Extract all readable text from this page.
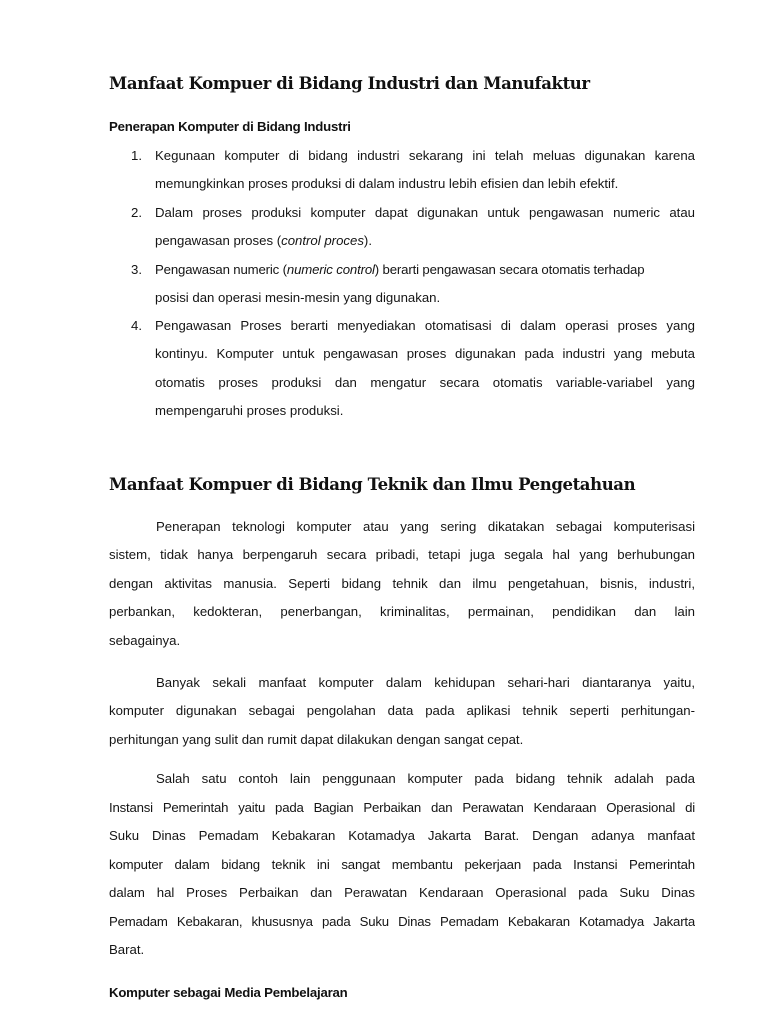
Manfaat Kompuer di Bidang Industri dan Manufaktur
Penerapan Komputer di Bidang Industri
1. Kegunaan komputer di bidang industri sekarang ini telah meluas digunakan karena
memungkinkan proses produksi di dalam industru lebih efisien dan lebih efektif.
2. Dalam proses produksi komputer dapat digunakan untuk pengawasan numeric atau
pengawasan proses (control proces).
3. Pengawasan numeric (numeric control) berarti pengawasan secara otomatis terhadap
posisi dan operasi mesin-mesin yang digunakan.
4. Pengawasan Proses berarti menyediakan otomatisasi di dalam operasi proses yang
kontinyu. Komputer untuk pengawasan proses digunakan pada industri yang mebuta
otomatis proses produksi dan mengatur secara otomatis variable-variabel yang
mempengaruhi proses produksi.
Manfaat Kompuer di Bidang Teknik dan Ilmu Pengetahuan
Penerapan teknologi komputer atau yang sering dikatakan sebagai komputerisasi
sistem, tidak hanya berpengaruh secara pribadi, tetapi juga segala hal yang berhubungan
dengan aktivitas manusia. Seperti bidang tehnik dan ilmu pengetahuan, bisnis, industri,
perbankan, kedokteran, penerbangan, kriminalitas, permainan, pendidikan dan lain
sebagainya.
Banyak sekali manfaat komputer dalam kehidupan sehari-hari diantaranya yaitu,
komputer digunakan sebagai pengolahan data pada aplikasi tehnik seperti perhitungan-
perhitungan yang sulit dan rumit dapat dilakukan dengan sangat cepat.
Salah satu contoh lain penggunaan komputer pada bidang tehnik adalah pada
Instansi Pemerintah yaitu pada Bagian Perbaikan dan Perawatan Kendaraan Operasional di
Suku Dinas Pemadam Kebakaran Kotamadya Jakarta Barat. Dengan adanya manfaat
komputer dalam bidang teknik ini sangat membantu pekerjaan pada Instansi Pemerintah
dalam hal Proses Perbaikan dan Perawatan Kendaraan Operasional pada Suku Dinas
Pemadam Kebakaran, khususnya pada Suku Dinas Pemadam Kebakaran Kotamadya Jakarta
Barat.
Komputer sebagai Media Pembelajaran
